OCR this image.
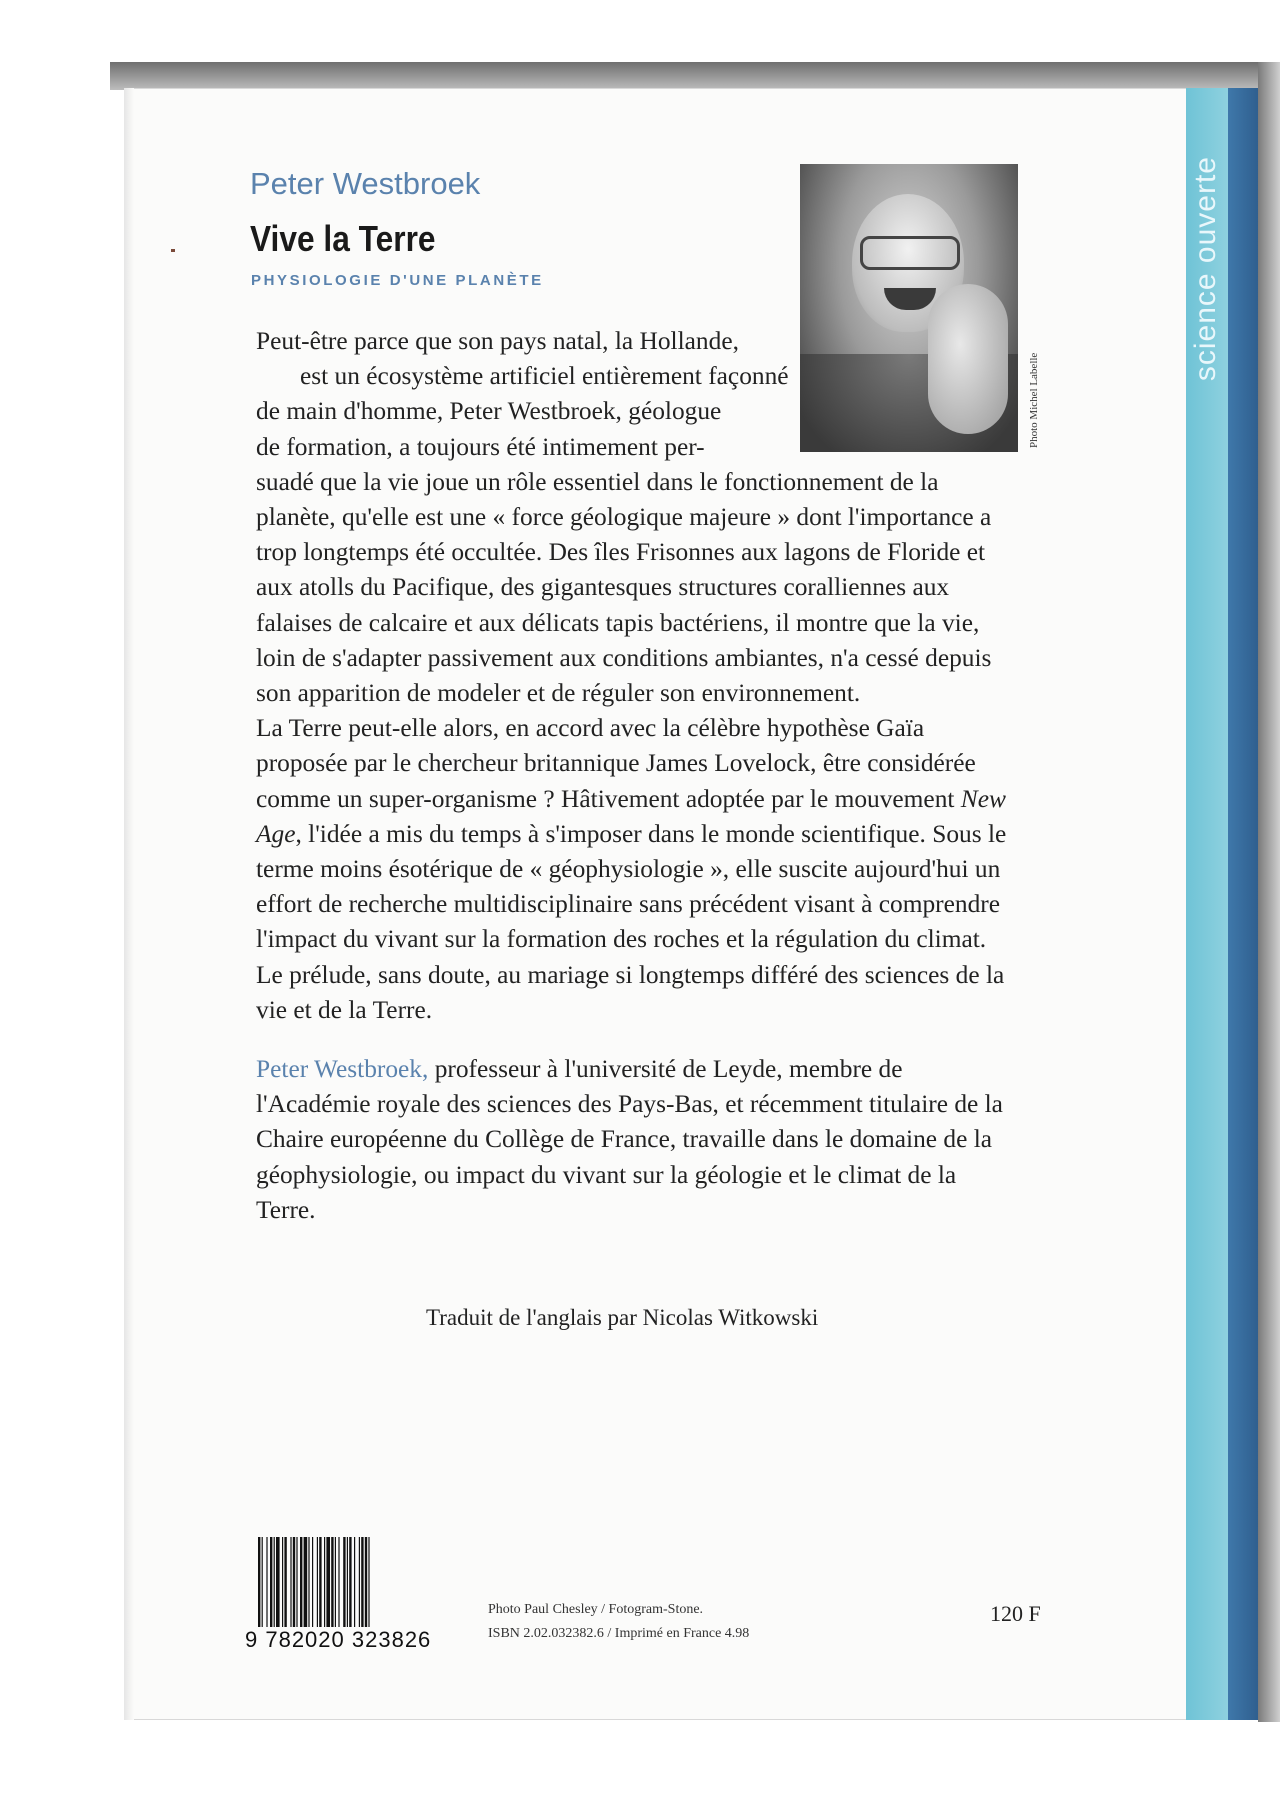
science ouverte
Peter Westbroek
Vive la Terre
PHYSIOLOGIE D'UNE PLANÈTE
Photo Michel Labelle

Peut-être parce que son pays natal, la Hollande,
est un écosystème artificiel entièrement façonné
de main d'homme, Peter Westbroek, géologue
de formation, a toujours été intimement per-
suadé que la vie joue un rôle essentiel dans le fonctionnement de la planète, qu'elle est une « force géologique majeure » dont l'importance a trop longtemps été occultée. Des îles Frisonnes aux lagons de Floride et aux atolls du Pacifique, des gigantesques structures coralliennes aux falaises de calcaire et aux délicats tapis bactériens, il montre que la vie, loin de s'adapter passivement aux conditions ambiantes, n'a cessé depuis son apparition de modeler et de réguler son environnement.

La Terre peut-elle alors, en accord avec la célèbre hypothèse Gaïa proposée par le chercheur britannique James Lovelock, être considérée comme un super-organisme ? Hâtivement adoptée par le mouvement New Age, l'idée a mis du temps à s'imposer dans le monde scientifique. Sous le terme moins ésotérique de « géophysiologie », elle suscite aujourd'hui un effort de recherche multidisciplinaire sans précédent visant à comprendre l'impact du vivant sur la formation des roches et la régulation du climat.

Le prélude, sans doute, au mariage si longtemps différé des sciences de la vie et de la Terre.

Peter Westbroek, professeur à l'université de Leyde, membre de l'Académie royale des sciences des Pays-Bas, et récemment titulaire de la Chaire européenne du Collège de France, travaille dans le domaine de la géophysiologie, ou impact du vivant sur la géologie et le climat de la Terre.

Traduit de l'anglais par Nicolas Witkowski
9 782020 323826
Photo Paul Chesley / Fotogram-Stone.
ISBN 2.02.032382.6 / Imprimé en France 4.98
120 F
